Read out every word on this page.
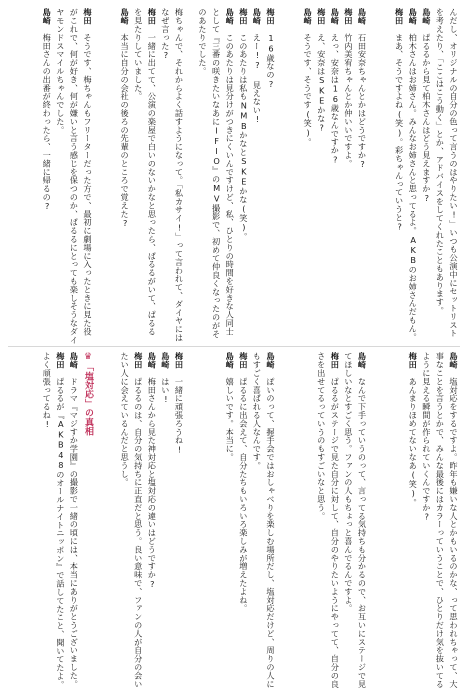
んだし、オリジナルの自分の色って言うのはやりたい!」いつも公演中にセットリストを考えたり、「ここはこう動く」とか、アドバイスをしてくれたこともあります。

島崎ぱるるから見て柏木さんはどう見えますか?

島崎柏木さんはお姉さん。みんなお姉さんと思ってるよ。AKBのお姉さんだもん。

梅田まあ、そうですよね(笑)。彩ちゃんっていうと?

島崎石田安奈ちゃんとかはどうですか?

梅田竹内美宥ちゃんとか仲いいですよ。

島崎えっ、安奈は16歳なんですか?

梅田え、安奈はSKEかな?

島崎そうです、そうです(笑)。

梅田16歳なの?

島崎えー!? 見えない!

梅田このあたりは私もNMBかなとSKEかな(笑)。

島崎このあたりは見分けがつきにくいんですけど、私、ひとりの時間を好きな人同士として『三番の咲きたいなあにIFIO』のMV撮影で、初めて仲良くなったのがそのあたりでした。

梅ちゃんで、それからよく話すようになって。「私カサイ!」って言われて、ダイヤにはなぜ言った?

梅田一緒に出てて、公演の楽屋で白いのないかなと思ったら、ぱるるがいて、ぱるるを見たりしていました。

島崎本当に自分の会社の後ろの先輩のところで覚えた?

梅田そうです、梅ちゃんもフリーターだった方で、最初に劇場に入ったときに見た役がこれで、何が好き、何が嫌いと言う感じを保つのか、ぱるるにとっても楽しそうなダイヤモンドスマイルちゃんでした。

島崎梅田さんの出番が終わったら、一緒に帰るの?

島崎塩対応をするですよ。昨年も嫌いな人とかもいるのかな、って思われちゃって、大事なことを言うとかで、みんな最後にはカラーっていうことで、ひとりだけ気を抜いてるように見える瞬間が作られていくんですか?

梅田あんまりほめてないなあ(笑)。

島崎なんで下手っていうのって、言ってる気持ちも分かるので、お互いにステージで見てほしいなとすごく思う。ファンの人もちょっと喜んでるんですよ。

梅田ぱるるがステージで見た自分に対して、自分のやりたいようにやってて、自分の良さを出せてるっていうのもすごいなと思う。

島崎ぽいのって、握手会ではおしゃべりを楽しむ場所だし、塩対応だけど、周りの人にもすごく喜ばれる人なんです。

梅田ぱるるに出会えて、自分たちもいろいろ楽しみが増えたよね。

島崎嬉しいです。本当に。

梅田一緒に頑張ろうね!

島崎はい!

島崎梅田さんから見た神対応と塩対応の違いはどうですか?

梅田ぱるるのは、自分の気持ちに正直だと思う。良い意味で、ファンの人が自分の会いたい人に会えているんだと思うし。

♛「塩対応」の真相

島崎ドラマ『マジすか学園』の撮影で一緒の頃には、本当にありがとうございました。

梅田ぱるるが『AKB48のオールナイトニッポン』で話してたこと、聞いてたよ。よく頑張ってるね!
